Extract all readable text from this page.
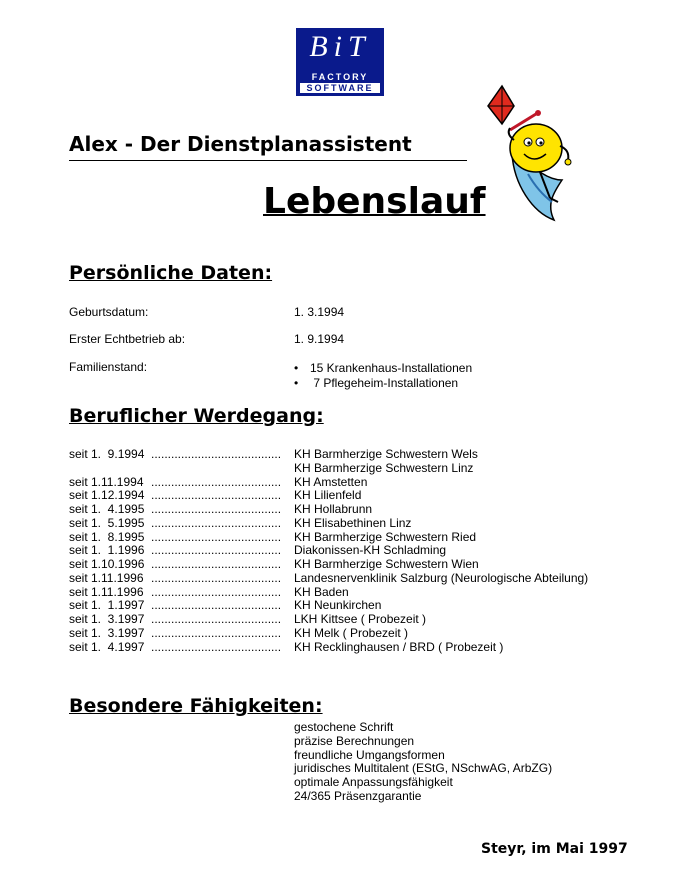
BiT
FACTORY
SOFTWARE
Alex - Der Dienstplanassistent
Lebenslauf
Persönliche Daten:
Geburtsdatum:	1. 3.1994
Erster Echtbetrieb ab:	1. 9.1994
Familienstand:
•	15 Krankenhaus-Installationen
•  7 Pflegeheim-Installationen
Beruflicher Werdegang:
seit 1.  9.1994 .......................................	KH Barmherzige Schwestern Wels
KH Barmherzige Schwestern Linz
seit 1.11.1994 .......................................	KH Amstetten
seit 1.12.1994 .......................................	KH Lilienfeld
seit 1.  4.1995 .......................................	KH Hollabrunn
seit 1.  5.1995 .......................................	KH Elisabethinen Linz
seit 1.  8.1995 .......................................	KH Barmherzige Schwestern Ried
seit 1.  1.1996 .......................................	Diakonissen-KH Schladming
seit 1.10.1996 .......................................	KH Barmherzige Schwestern Wien
seit 1.11.1996 .......................................	Landesnervenklinik Salzburg (Neurologische Abteilung)
seit 1.11.1996 .......................................	KH Baden
seit 1.  1.1997 .......................................	KH Neunkirchen
seit 1.  3.1997 .......................................	LKH Kittsee ( Probezeit )
seit 1.  3.1997 .......................................	KH Melk ( Probezeit )
seit 1.  4.1997 .......................................	KH Recklinghausen / BRD ( Probezeit )
Besondere Fähigkeiten:
gestochene Schrift
präzise Berechnungen
freundliche Umgangsformen
juridisches Multitalent (EStG, NSchwAG, ArbZG)
optimale Anpassungsfähigkeit
24/365 Präsenzgarantie
Steyr, im Mai 1997
